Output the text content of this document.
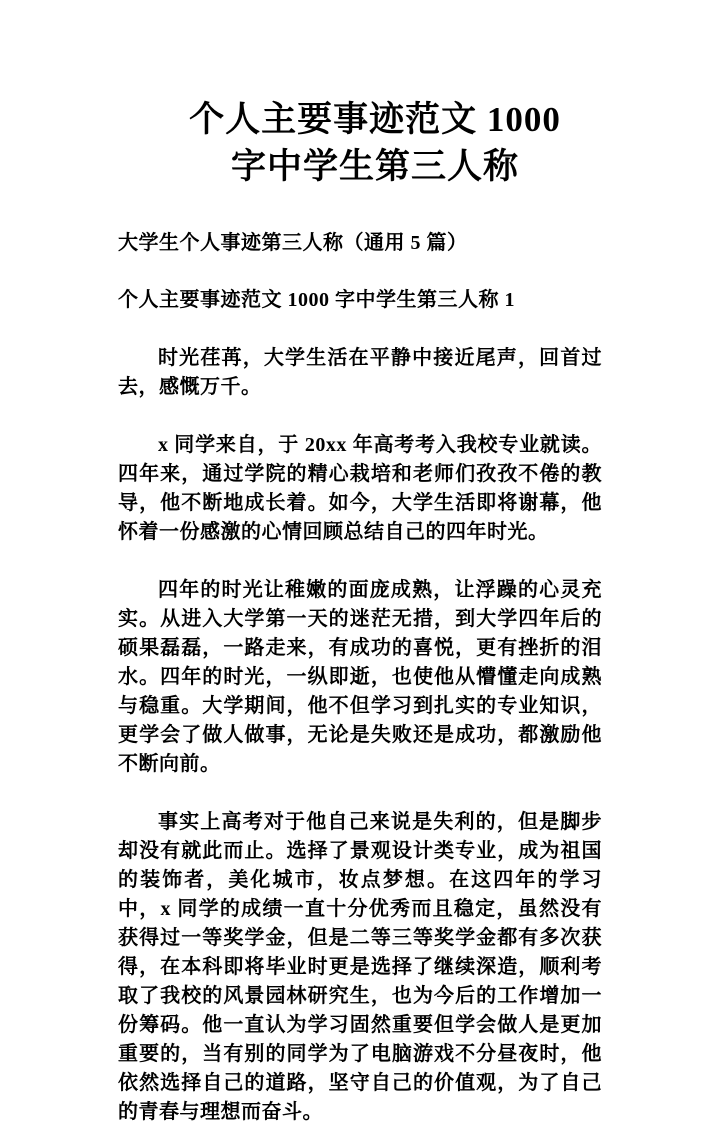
个人主要事迹范文 1000
字中学生第三人称
大学生个人事迹第三人称（通用 5 篇）
个人主要事迹范文 1000 字中学生第三人称 1

时光荏苒，大学生活在平静中接近尾声，回首过去，感慨万千。

x 同学来自，于 20xx 年高考考入我校专业就读。四年来，通过学院的精心栽培和老师们孜孜不倦的教导，他不断地成长着。如今，大学生活即将谢幕，他怀着一份感激的心情回顾总结自己的四年时光。

四年的时光让稚嫩的面庞成熟，让浮躁的心灵充实。从进入大学第一天的迷茫无措，到大学四年后的硕果磊磊，一路走来，有成功的喜悦，更有挫折的泪水。四年的时光，一纵即逝，也使他从懵懂走向成熟与稳重。大学期间，他不但学习到扎实的专业知识，更学会了做人做事，无论是失败还是成功，都激励他不断向前。

事实上高考对于他自己来说是失利的，但是脚步却没有就此而止。选择了景观设计类专业，成为祖国的装饰者，美化城市，妆点梦想。在这四年的学习中，x 同学的成绩一直十分优秀而且稳定，虽然没有获得过一等奖学金，但是二等三等奖学金都有多次获得，在本科即将毕业时更是选择了继续深造，顺利考取了我校的风景园林研究生，也为今后的工作增加一份筹码。他一直认为学习固然重要但学会做人是更加重要的，当有别的同学为了电脑游戏不分昼夜时，他依然选择自己的道路，坚守自己的价值观，为了自己的青春与理想而奋斗。
